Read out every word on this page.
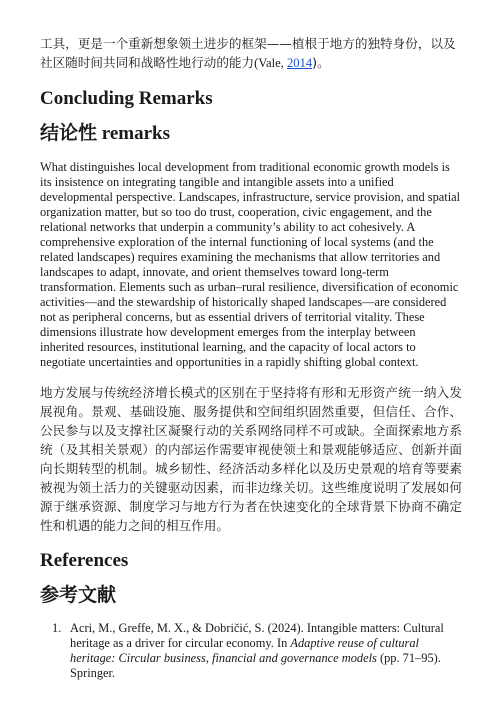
工具，更是一个重新想象领土进步的框架——植根于地方的独特身份，以及社区随时间共同和战略性地行动的能力(Vale, 2014)。

Concluding Remarks
结论性 remarks

What distinguishes local development from traditional economic growth models is its insistence on integrating tangible and intangible assets into a unified developmental perspective. Landscapes, infrastructure, service provision, and spatial organization matter, but so too do trust, cooperation, civic engagement, and the relational networks that underpin a community’s ability to act cohesively. A comprehensive exploration of the internal functioning of local systems (and the related landscapes) requires examining the mechanisms that allow territories and landscapes to adapt, innovate, and orient themselves toward long-term transformation. Elements such as urban–rural resilience, diversification of economic activities—and the stewardship of historically shaped landscapes—are considered not as peripheral concerns, but as essential drivers of territorial vitality. These dimensions illustrate how development emerges from the interplay between inherited resources, institutional learning, and the capacity of local actors to negotiate uncertainties and opportunities in a rapidly shifting global context.

地方发展与传统经济增长模式的区别在于坚持将有形和无形资产统一纳入发展视角。景观、基础设施、服务提供和空间组织固然重要，但信任、合作、公民参与以及支撑社区凝聚行动的关系网络同样不可或缺。全面探索地方系统（及其相关景观）的内部运作需要审视使领土和景观能够适应、创新并面向长期转型的机制。城乡韧性、经济活动多样化以及历史景观的培育等要素被视为领土活力的关键驱动因素，而非边缘关切。这些维度说明了发展如何源于继承资源、制度学习与地方行为者在快速变化的全球背景下协商不确定性和机遇的能力之间的相互作用。

References
参考文献
1. Acri, M., Greffe, M. X., & Dobričić, S. (2024). Intangible matters: Cultural heritage as a driver for circular economy. In Adaptive reuse of cultural heritage: Circular business, financial and governance models (pp. 71–95). Springer.
